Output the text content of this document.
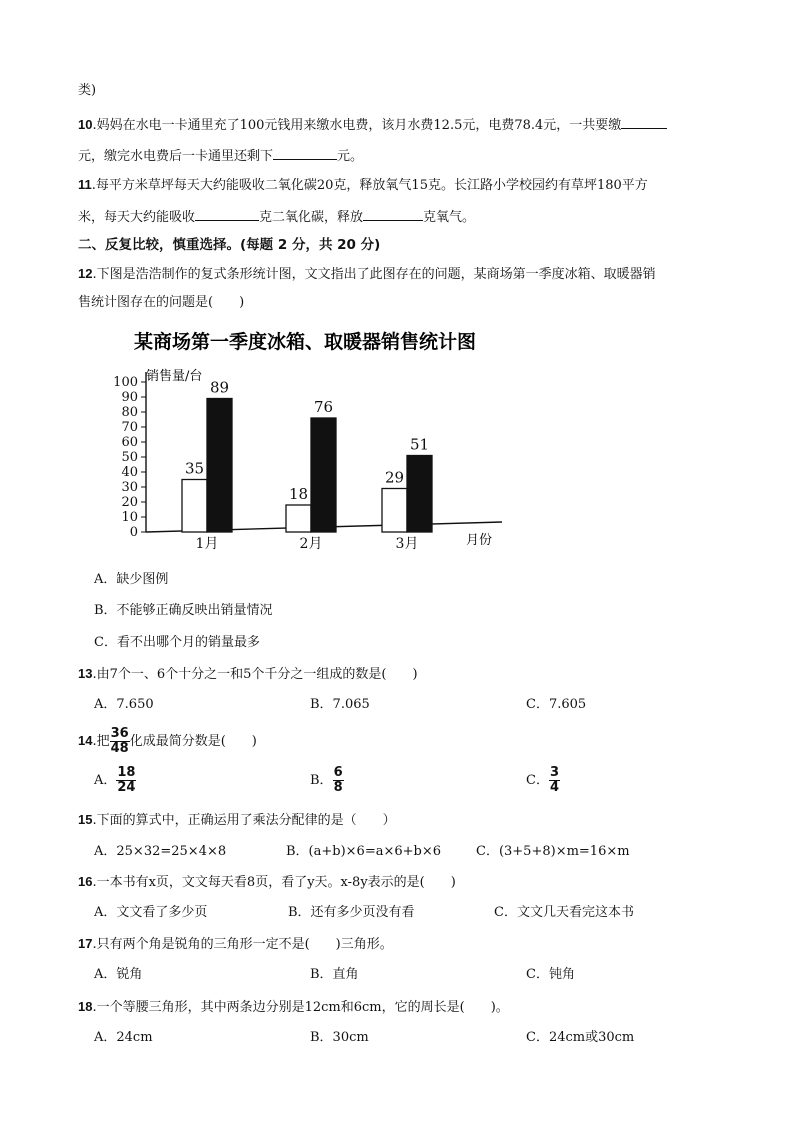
类)
10.妈妈在水电一卡通里充了100元钱用来缴水电费，该月水费12.5元，电费78.4元，一共要缴
元，缴完水电费后一卡通里还剩下	元。
11.每平方米草坪每天大约能吸收二氧化碳20克，释放氧气15克。长江路小学校园约有草坪180平方
米，每天大约能吸收	克二氧化碳，释放	克氧气。
二、反复比较，慎重选择。(每题 2 分，共 20 分)
12.下图是浩浩制作的复式条形统计图，文文指出了此图存在的问题，某商场第一季度冰箱、取暖器销
售统计图存在的问题是(　　)
某商场第一季度冰箱、取暖器销售统计图
销售量/台
月份
0
10
20
30
40
50
60
70
80
90
100
35
89
1月
18
76
2月
29
51
3月
A．缺少图例
B．不能够正确反映出销量情况
C．看不出哪个月的销量最多
13.由7个一、6个十分之一和5个千分之一组成的数是(　　)
A．7.650	B．7.065	C．7.605
14.把 $\frac{36}{48}$ 化成最简分数是(　　)
A． $\frac{18}{24}$	B． $\frac{6}{8}$	C． $\frac{3}{4}$
15.下面的算式中，正确运用了乘法分配律的是（　　）
A．25×32=25×4×8	B．(a+b)×6=a×6+b×6	C．(3+5+8)×m=16×m
16.一本书有x页，文文每天看8页，看了y天。x-8y表示的是(　　)
A．文文看了多少页	B．还有多少页没有看	C．文文几天看完这本书
17.只有两个角是锐角的三角形一定不是(　　)三角形。
A．锐角	B．直角	C．钝角
18.一个等腰三角形，其中两条边分别是12cm和6cm，它的周长是(　　)。
A．24cm	B．30cm	C．24cm或30cm
